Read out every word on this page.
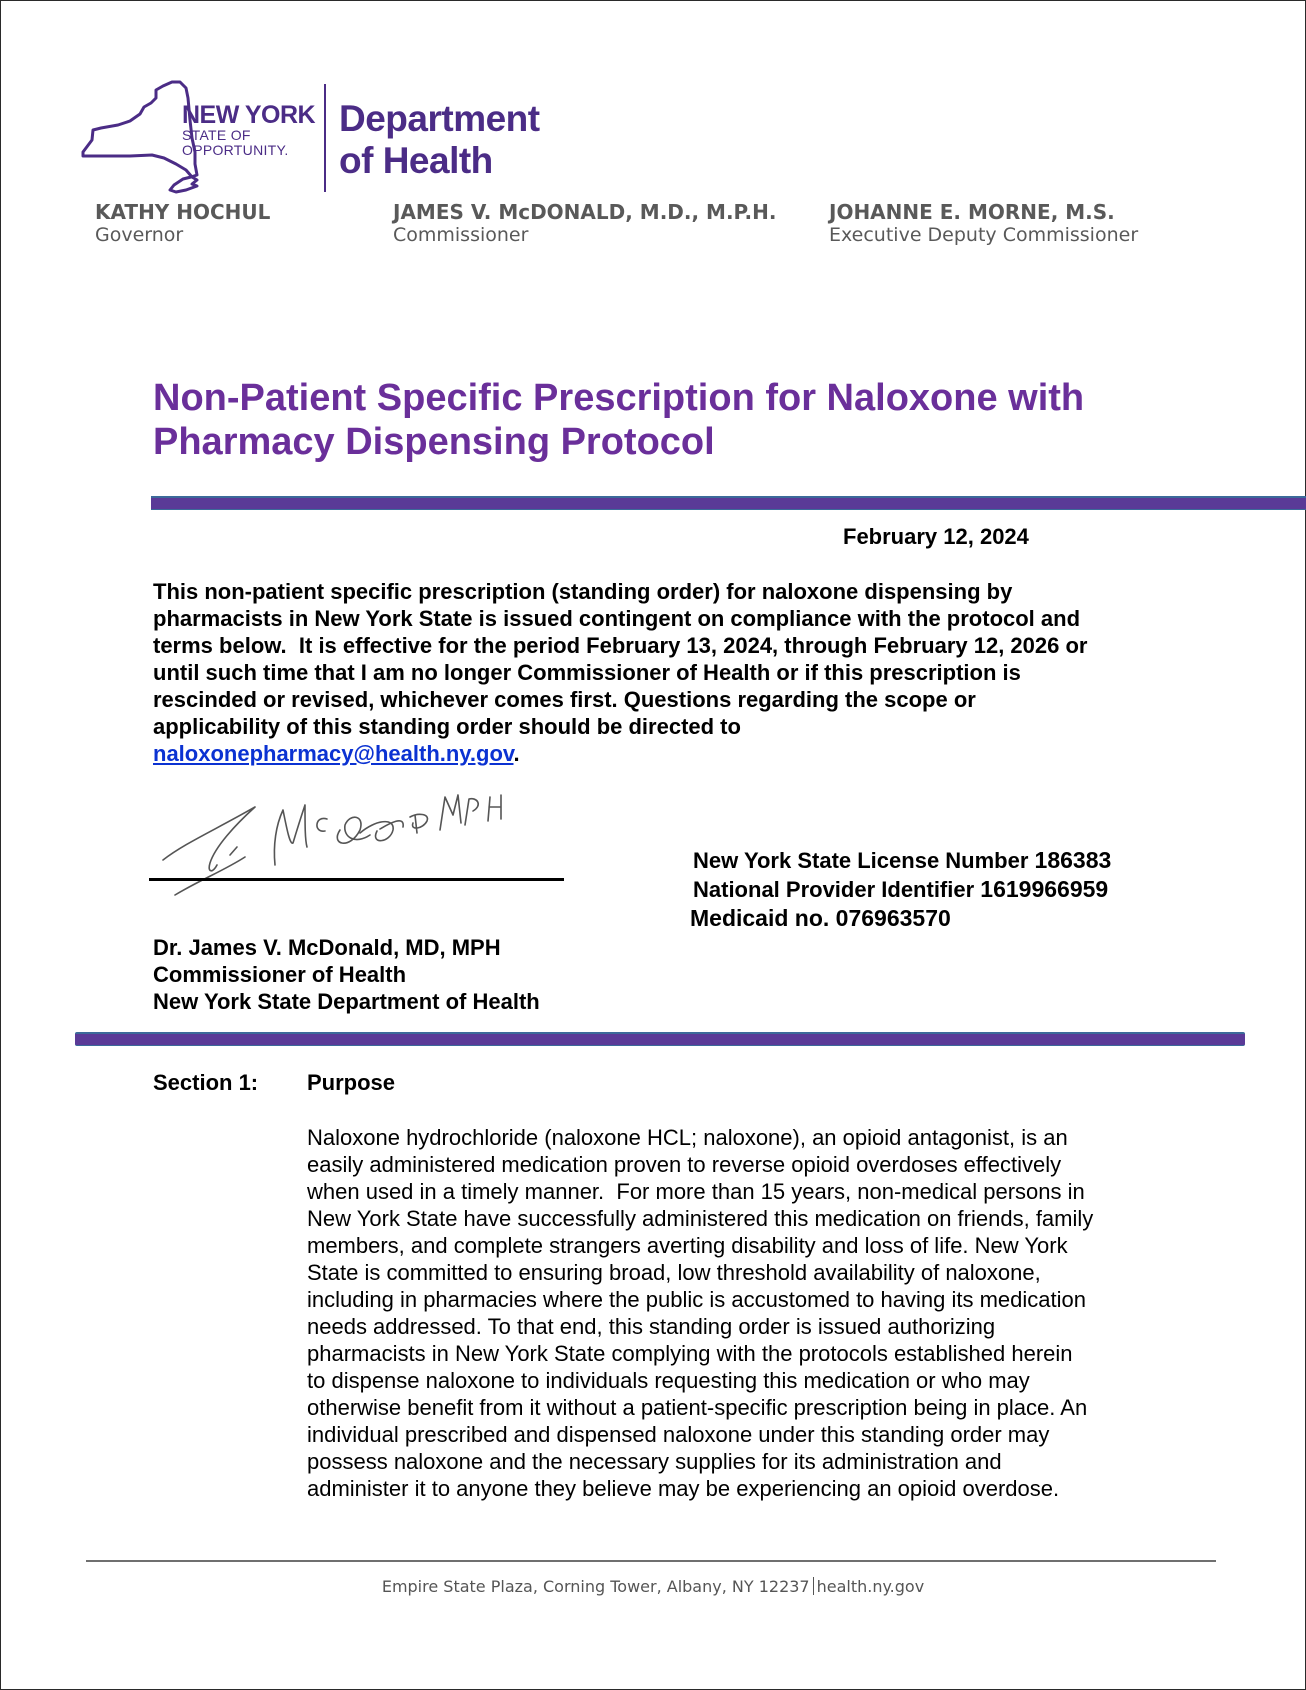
NEW YORK
STATE OF
OPPORTUNITY.
Department
of Health
KATHY HOCHUL
Governor
JAMES V. McDONALD, M.D., M.P.H.
Commissioner
JOHANNE E. MORNE, M.S.
Executive Deputy Commissioner
Non-Patient Specific Prescription for Naloxone with
Pharmacy Dispensing Protocol
February 12, 2024
This non-patient specific prescription (standing order) for naloxone dispensing by
pharmacists in New York State is issued contingent on compliance with the protocol and
terms below.  It is effective for the period February 13, 2024, through February 12, 2026 or
until such time that I am no longer Commissioner of Health or if this prescription is
rescinded or revised, whichever comes first. Questions regarding the scope or
applicability of this standing order should be directed to
naloxonepharmacy@health.ny.gov.
New York State License Number 186383
National Provider Identifier 1619966959
Medicaid no. 076963570
Dr. James V. McDonald, MD, MPH
Commissioner of Health
New York State Department of Health
Section 1: Purpose
Naloxone hydrochloride (naloxone HCL; naloxone), an opioid antagonist, is an
easily administered medication proven to reverse opioid overdoses effectively
when used in a timely manner.  For more than 15 years, non-medical persons in
New York State have successfully administered this medication on friends, family
members, and complete strangers averting disability and loss of life. New York
State is committed to ensuring broad, low threshold availability of naloxone,
including in pharmacies where the public is accustomed to having its medication
needs addressed. To that end, this standing order is issued authorizing
pharmacists in New York State complying with the protocols established herein
to dispense naloxone to individuals requesting this medication or who may
otherwise benefit from it without a patient-specific prescription being in place. An
individual prescribed and dispensed naloxone under this standing order may
possess naloxone and the necessary supplies for its administration and
administer it to anyone they believe may be experiencing an opioid overdose.
Empire State Plaza, Corning Tower, Albany, NY 12237 health.ny.gov
